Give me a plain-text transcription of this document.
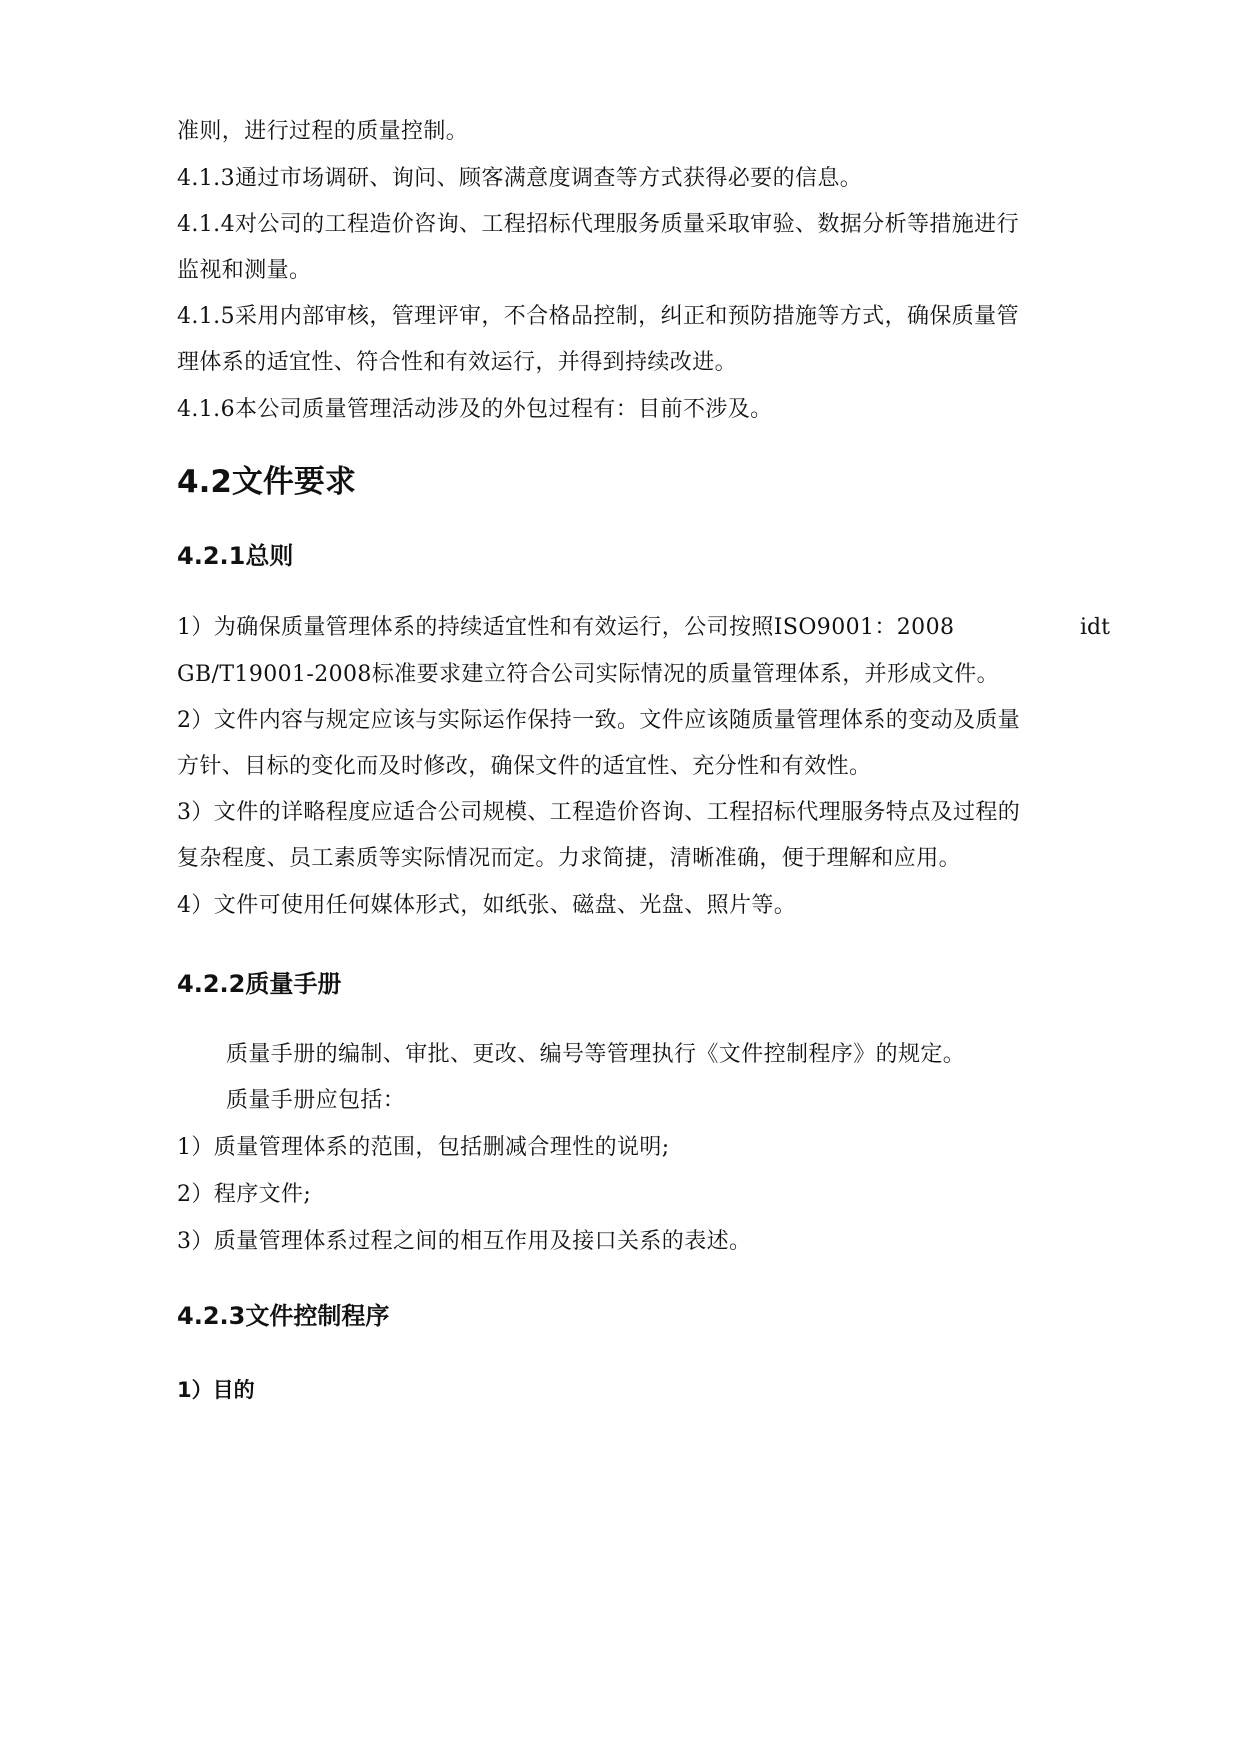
准则，进行过程的质量控制。
4.1.3通过市场调研、询问、顾客满意度调查等方式获得必要的信息。
4.1.4对公司的工程造价咨询、工程招标代理服务质量采取审验、数据分析等措施进行
监视和测量。
4.1.5采用内部审核，管理评审，不合格品控制，纠正和预防措施等方式，确保质量管
理体系的适宜性、符合性和有效运行，并得到持续改进。
4.1.6本公司质量管理活动涉及的外包过程有：目前不涉及。
4.2文件要求
4.2.1总则
1）为确保质量管理体系的持续适宜性和有效运行，公司按照ISO9001：2008	idt
GB/T19001-2008标准要求建立符合公司实际情况的质量管理体系，并形成文件。
2）文件内容与规定应该与实际运作保持一致。文件应该随质量管理体系的变动及质量
方针、目标的变化而及时修改，确保文件的适宜性、充分性和有效性。
3）文件的详略程度应适合公司规模、工程造价咨询、工程招标代理服务特点及过程的
复杂程度、员工素质等实际情况而定。力求简捷，清晰准确，便于理解和应用。
4）文件可使用任何媒体形式，如纸张、磁盘、光盘、照片等。
4.2.2质量手册
质量手册的编制、审批、更改、编号等管理执行《文件控制程序》的规定。
质量手册应包括：
1）质量管理体系的范围，包括删减合理性的说明;
2）程序文件;
3）质量管理体系过程之间的相互作用及接口关系的表述。
4.2.3文件控制程序
1）目的
